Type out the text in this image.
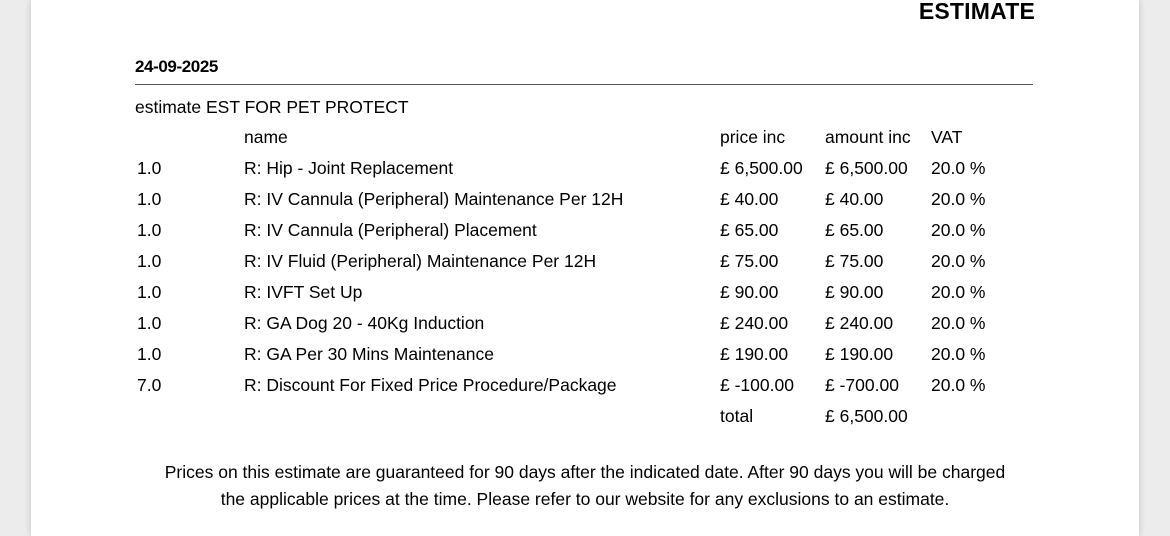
ESTIMATE
24-09-2025
estimate EST FOR PET PROTECT
	name	price inc	amount inc	VAT
1.0	R: Hip - Joint Replacement	£ 6,500.00	£ 6,500.00	20.0 %
1.0	R: IV Cannula (Peripheral) Maintenance Per 12H	£ 40.00	£ 40.00	20.0 %
1.0	R: IV Cannula (Peripheral) Placement	£ 65.00	£ 65.00	20.0 %
1.0	R: IV Fluid (Peripheral) Maintenance Per 12H	£ 75.00	£ 75.00	20.0 %
1.0	R: IVFT Set Up	£ 90.00	£ 90.00	20.0 %
1.0	R: GA Dog 20 - 40Kg Induction	£ 240.00	£ 240.00	20.0 %
1.0	R: GA Per 30 Mins Maintenance	£ 190.00	£ 190.00	20.0 %
7.0	R: Discount For Fixed Price Procedure/Package	£ -100.00	£ -700.00	20.0 %
		total	£ 6,500.00	
Prices on this estimate are guaranteed for 90 days after the indicated date. After 90 days you will be charged
the applicable prices at the time. Please refer to our website for any exclusions to an estimate.
